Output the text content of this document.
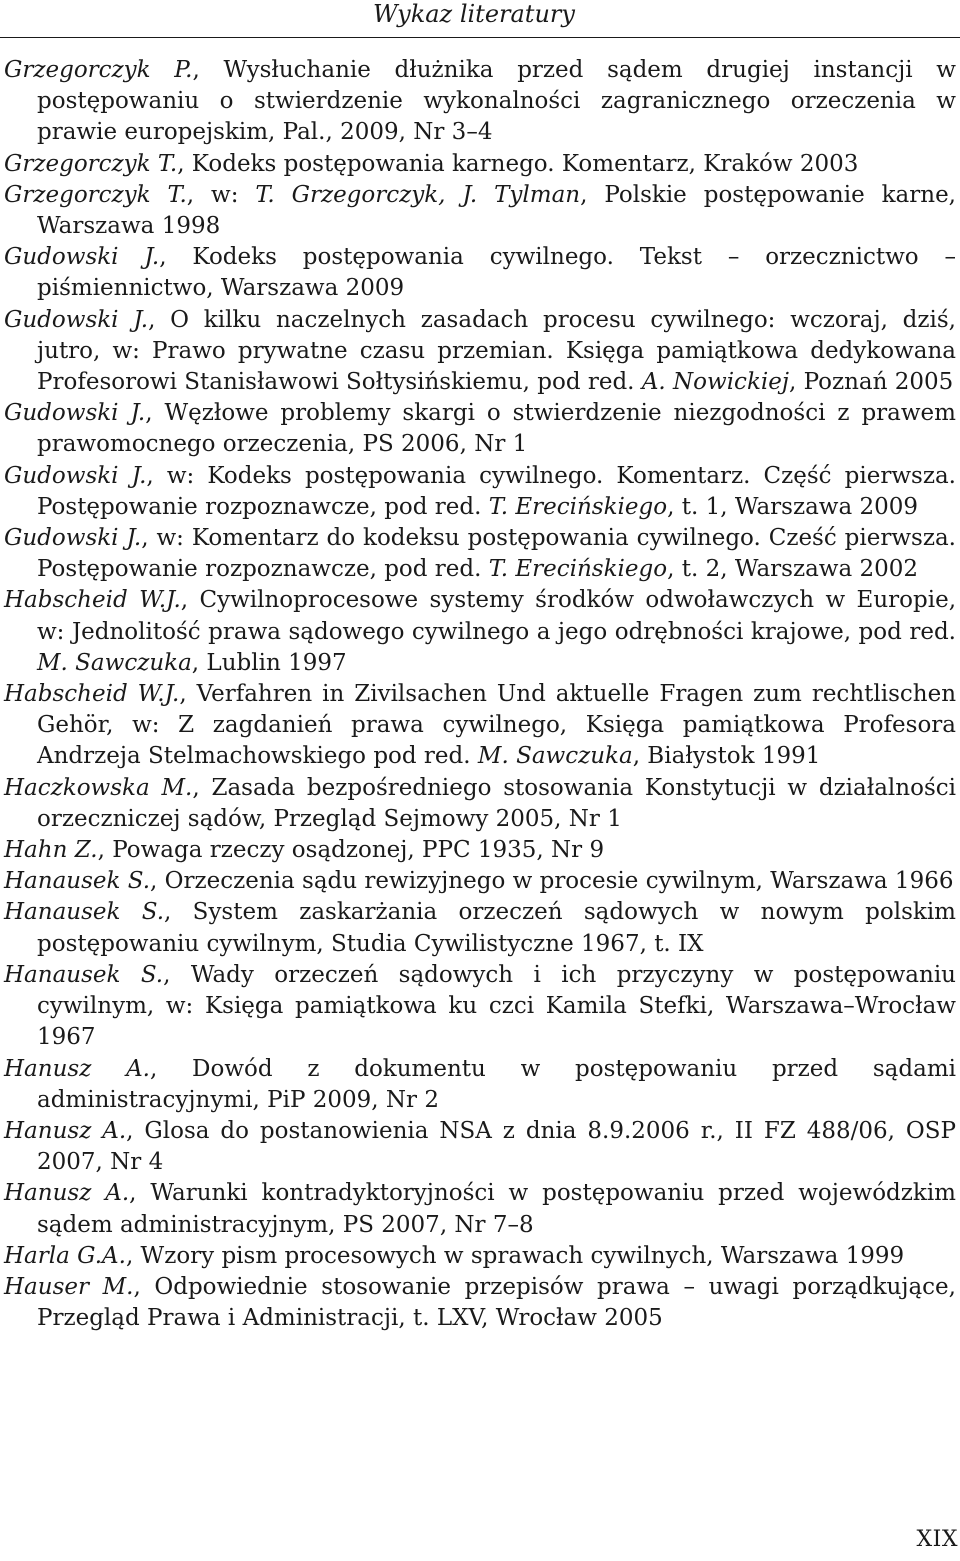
Wykaz literatury
Grzegorczyk P., Wysłuchanie dłużnika przed sądem drugiej instancji w postępowaniu o stwierdzenie wykonalności zagranicznego orzeczenia w prawie europejskim, Pal., 2009, Nr 3–4
Grzegorczyk T., Kodeks postępowania karnego. Komentarz, Kraków 2003
Grzegorczyk T., w: T. Grzegorczyk, J. Tylman, Polskie postępowanie karne, Warszawa 1998
Gudowski J., Kodeks postępowania cywilnego. Tekst – orzecznictwo – piśmiennictwo, Warszawa 2009
Gudowski J., O kilku naczelnych zasadach procesu cywilnego: wczoraj, dziś, jutro, w: Prawo prywatne czasu przemian. Księga pamiątkowa dedykowana Profesorowi Stanisławowi Sołtysińskiemu, pod red. A. Nowickiej, Poznań 2005
Gudowski J., Węzłowe problemy skargi o stwierdzenie niezgodności z prawem prawomocnego orzeczenia, PS 2006, Nr 1
Gudowski J., w: Kodeks postępowania cywilnego. Komentarz. Część pierwsza. Postępowanie rozpoznawcze, pod red. T. Erecińskiego, t. 1, Warszawa 2009
Gudowski J., w: Komentarz do kodeksu postępowania cywilnego. Cześć pierwsza. Postępowanie rozpoznawcze, pod red. T. Erecińskiego, t. 2, Warszawa 2002
Habscheid W.J., Cywilnoprocesowe systemy środków odwoławczych w Europie, w: Jednolitość prawa sądowego cywilnego a jego odrębności krajowe, pod red. M. Sawczuka, Lublin 1997
Habscheid W.J., Verfahren in Zivilsachen Und aktuelle Fragen zum rechtlischen Gehör, w: Z zagdanień prawa cywilnego, Księga pamiątkowa Profesora Andrzeja Stelmachowskiego pod red. M. Sawczuka, Białystok 1991
Haczkowska M., Zasada bezpośredniego stosowania Konstytucji w działalności orzeczniczej sądów, Przegląd Sejmowy 2005, Nr 1
Hahn Z., Powaga rzeczy osądzonej, PPC 1935, Nr 9
Hanausek S., Orzeczenia sądu rewizyjnego w procesie cywilnym, Warszawa 1966
Hanausek S., System zaskarżania orzeczeń sądowych w nowym polskim postępowaniu cywilnym, Studia Cywilistyczne 1967, t. IX
Hanausek S., Wady orzeczeń sądowych i ich przyczyny w postępowaniu cywilnym, w: Księga pamiątkowa ku czci Kamila Stefki, Warszawa–Wrocław 1967
Hanusz A., Dowód z dokumentu w postępowaniu przed sądami administracyjnymi, PiP 2009, Nr 2
Hanusz A., Glosa do postanowienia NSA z dnia 8.9.2006 r., II FZ 488/06, OSP 2007, Nr 4
Hanusz A., Warunki kontradyktoryjności w postępowaniu przed wojewódzkim sądem administracyjnym, PS 2007, Nr 7–8
Harla G.A., Wzory pism procesowych w sprawach cywilnych, Warszawa 1999
Hauser M., Odpowiednie stosowanie przepisów prawa – uwagi porządkujące, Przegląd Prawa i Administracji, t. LXV, Wrocław 2005
XIX
